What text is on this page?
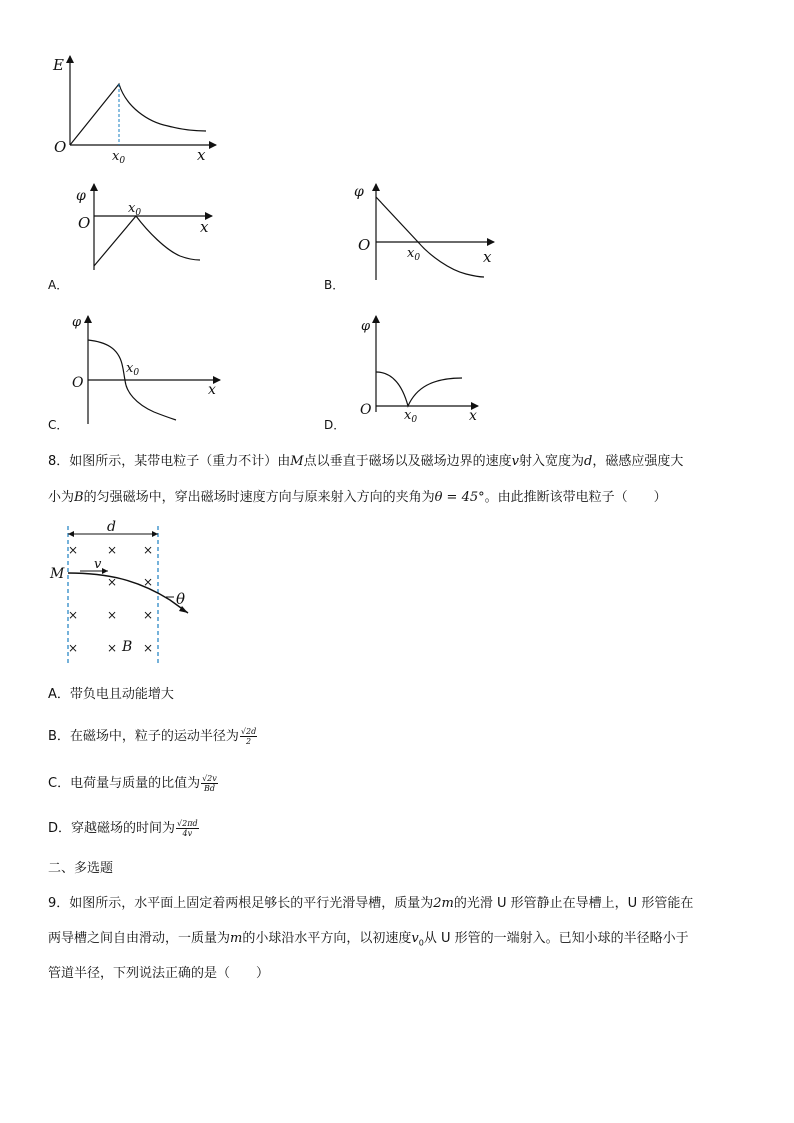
E
O
$x_0$	x
φ
O
$x_0$
x
A．
φ
O	$x_0$	x
B．
φ
O
$x_0$
x
C．
φ
O	$x_0$	x
D．
8．如图所示，某带电粒子（重力不计）由M点以垂直于磁场以及磁场边界的速度v射入宽度为d，磁感应强度大
小为B的匀强磁场中，穿出磁场时速度方向与原来射入方向的夹角为θ = 45°。由此推断该带电粒子（　　）
d
× × ×
× ×
× × ×
× × ×
M
v
θ
B
A．带负电且动能增大
B．在磁场中，粒子的运动半径为 $\frac{√2d}{2}$
C．电荷量与质量的比值为 $\frac{√2v}{Bd}$
D．穿越磁场的时间为 $\frac{√2\pi d}{4v}$
二、多选题
9．如图所示，水平面上固定着两根足够长的平行光滑导槽，质量为2m的光滑 U 形管静止在导槽上，U 形管能在
两导槽之间自由滑动，一质量为m的小球沿水平方向，以初速度$v_0$从 U 形管的一端射入。已知小球的半径略小于
管道半径，下列说法正确的是（　　）
